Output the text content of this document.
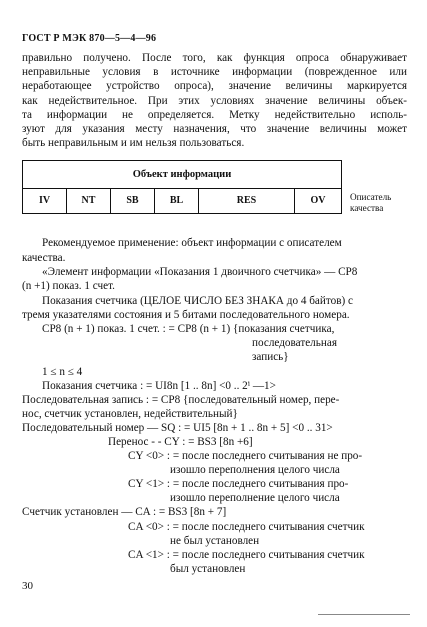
ГОСТ Р МЭК 870—5—4—96
правильно получено. После того, как функция опроса обнаруживает
неправильные условия в источнике информации (поврежденное или
неработающее устройство опроса), значение величины маркируется
как недействительное. При этих условиях значение величины объек-
та информации не определяется. Метку недействительно исполь-
зуют для указания месту назначения, что значение величины может
быть неправильным и им нельзя пользоваться.
Объект информации
IV	NT	SB	BL	RES	OV	Описатель
качества
Рекомендуемое применение: объект информации с описателем
качества.
«Элемент информации «Показания 1 двоичного счетчика» — CP8
(n +1) показ. 1 счет.
Показания счетчика (ЦЕЛОЕ ЧИСЛО БЕЗ ЗНАКА до 4 байтов) с
тремя указателями состояния и 5 битами последовательного номера.
CP8 (n + 1) показ. 1 счет. : = CP8 (n + 1) {показания счетчика,
последовательная
запись}
1 ≤ n ≤ 4
Показания счетчика : = UI8n [1 .. 8n] <0 .. 2ⁱ —1>
Последовательная запись : = CP8 {последовательный номер, пере-
нос, счетчик установлен, недействительный}
Последовательный номер — SQ : = UI5 [8n + 1 .. 8n + 5] <0 .. 31>
Перенос - - CY : = BS3 [8n +6]
CY <0> : = после последнего считывания не про-
изошло переполнения целого числа
CY <1> : = после последнего считывания про-
изошло переполнение целого числа
Счетчик установлен — CA : = BS3 [8n + 7]
CA <0> : = после последнего считывания счетчик
не был установлен
CA <1> : = после последнего считывания счетчик
был установлен
30
